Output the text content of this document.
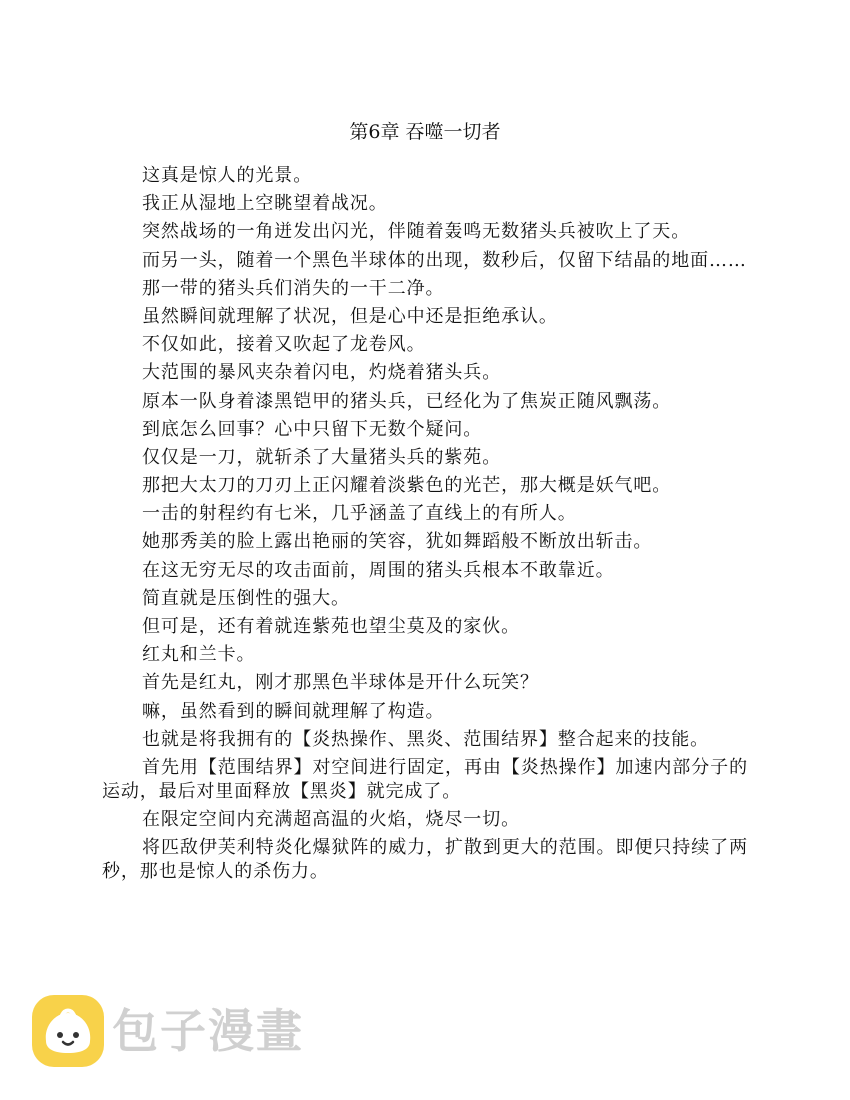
第6章 吞噬一切者

这真是惊人的光景。

我正从湿地上空眺望着战况。

突然战场的一角迸发出闪光，伴随着轰鸣无数猪头兵被吹上了天。

而另一头，随着一个黑色半球体的出现，数秒后，仅留下结晶的地面……

那一带的猪头兵们消失的一干二净。

虽然瞬间就理解了状况，但是心中还是拒绝承认。

不仅如此，接着又吹起了龙卷风。

大范围的暴风夹杂着闪电，灼烧着猪头兵。

原本一队身着漆黑铠甲的猪头兵，已经化为了焦炭正随风飘荡。

到底怎么回事？心中只留下无数个疑问。

仅仅是一刀，就斩杀了大量猪头兵的紫苑。

那把大太刀的刀刃上正闪耀着淡紫色的光芒，那大概是妖气吧。

一击的射程约有七米，几乎涵盖了直线上的有所人。

她那秀美的脸上露出艳丽的笑容，犹如舞蹈般不断放出斩击。

在这无穷无尽的攻击面前，周围的猪头兵根本不敢靠近。

简直就是压倒性的强大。

但可是，还有着就连紫苑也望尘莫及的家伙。

红丸和兰卡。

首先是红丸，刚才那黑色半球体是开什么玩笑？

嘛，虽然看到的瞬间就理解了构造。

也就是将我拥有的【炎热操作、黑炎、范围结界】整合起来的技能。

首先用【范围结界】对空间进行固定，再由【炎热操作】加速内部分子的运动，最后对里面释放【黑炎】就完成了。

在限定空间内充满超高温的火焰，烧尽一切。

将匹敌伊芙利特炎化爆狱阵的威力，扩散到更大的范围。即便只持续了两秒，那也是惊人的杀伤力。

包子漫畫
